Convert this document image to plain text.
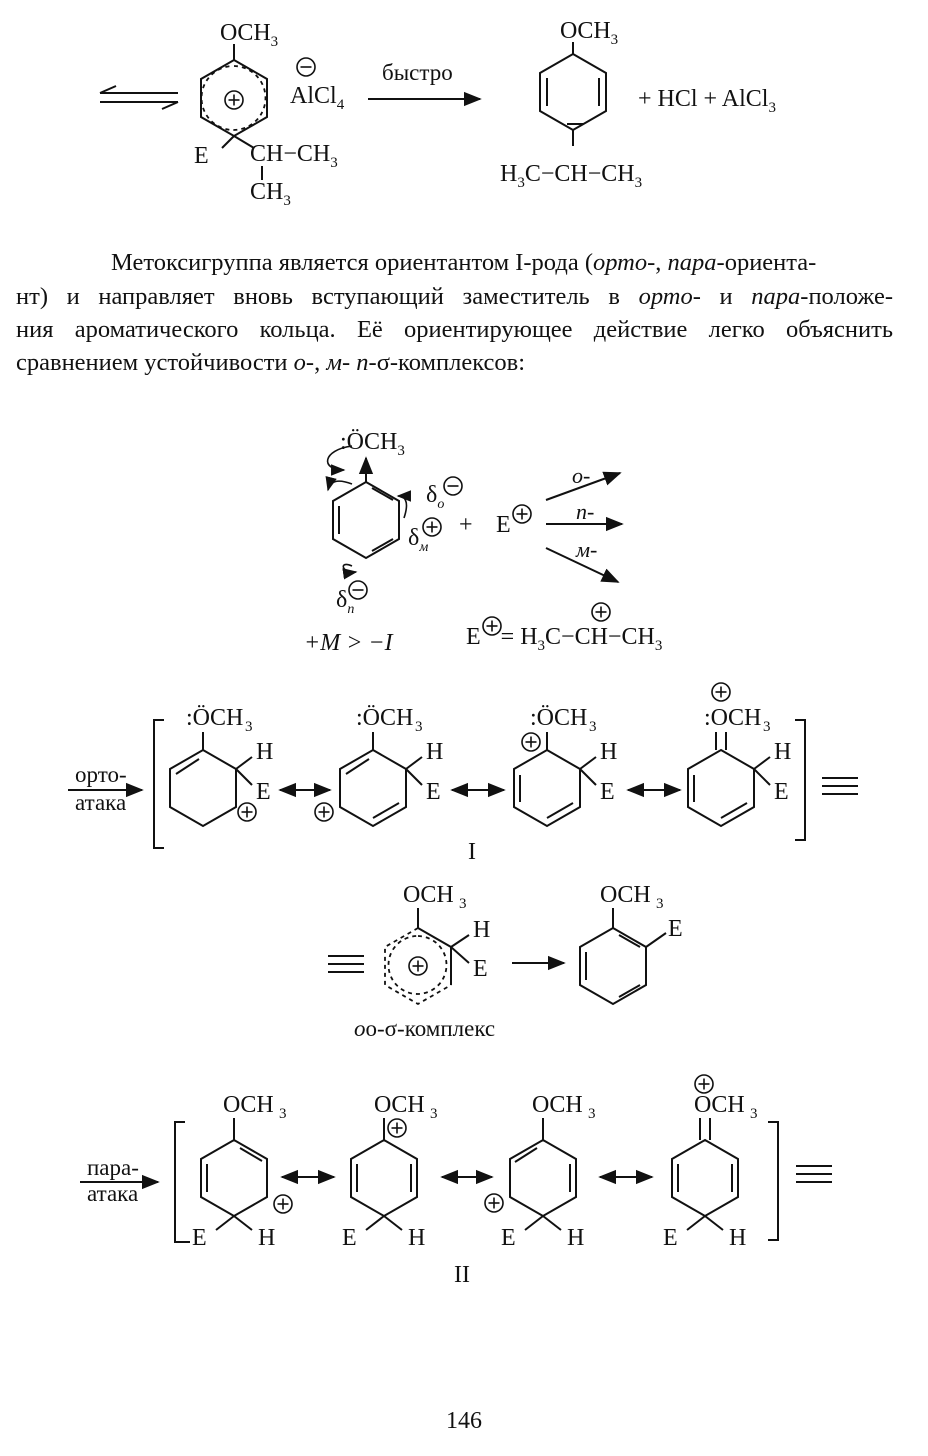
$OCH_3$
AlCl$_4$
E $CH-CH_3$
$CH_3$
быстро
$OCH_3$
$H_3C-CH-CH_3$
+ HCl + AlCl$_3$
$:ÖCH_3$
$\delta_o$
$\delta_м$
$\delta_n$
+ E
o-
n-
м-
+M > −I	$E = H_3C-CH-CH_3$
орто-
атака
:ÖCH 3
H
E
:ÖCH 3
H
E
:ÖCH 3
H
E
:OCH 3
H
E
I
OCH 3
H
E
OCH 3
E
оо-σ-комплекс
пара-
атака
OCH 3
E H
OCH 3
E H
OCH 3
E H
OCH 3
E H
II

Метоксигруппа является ориентантом I-рода (орто-, пара-ориента-

нт) и направляет вновь вступающий заместитель в орто- и пара-положе-

ния ароматического кольца. Её ориентирующее действие легко объяснить

сравнением устойчивости о-, м- п-σ-комплексов:

146
